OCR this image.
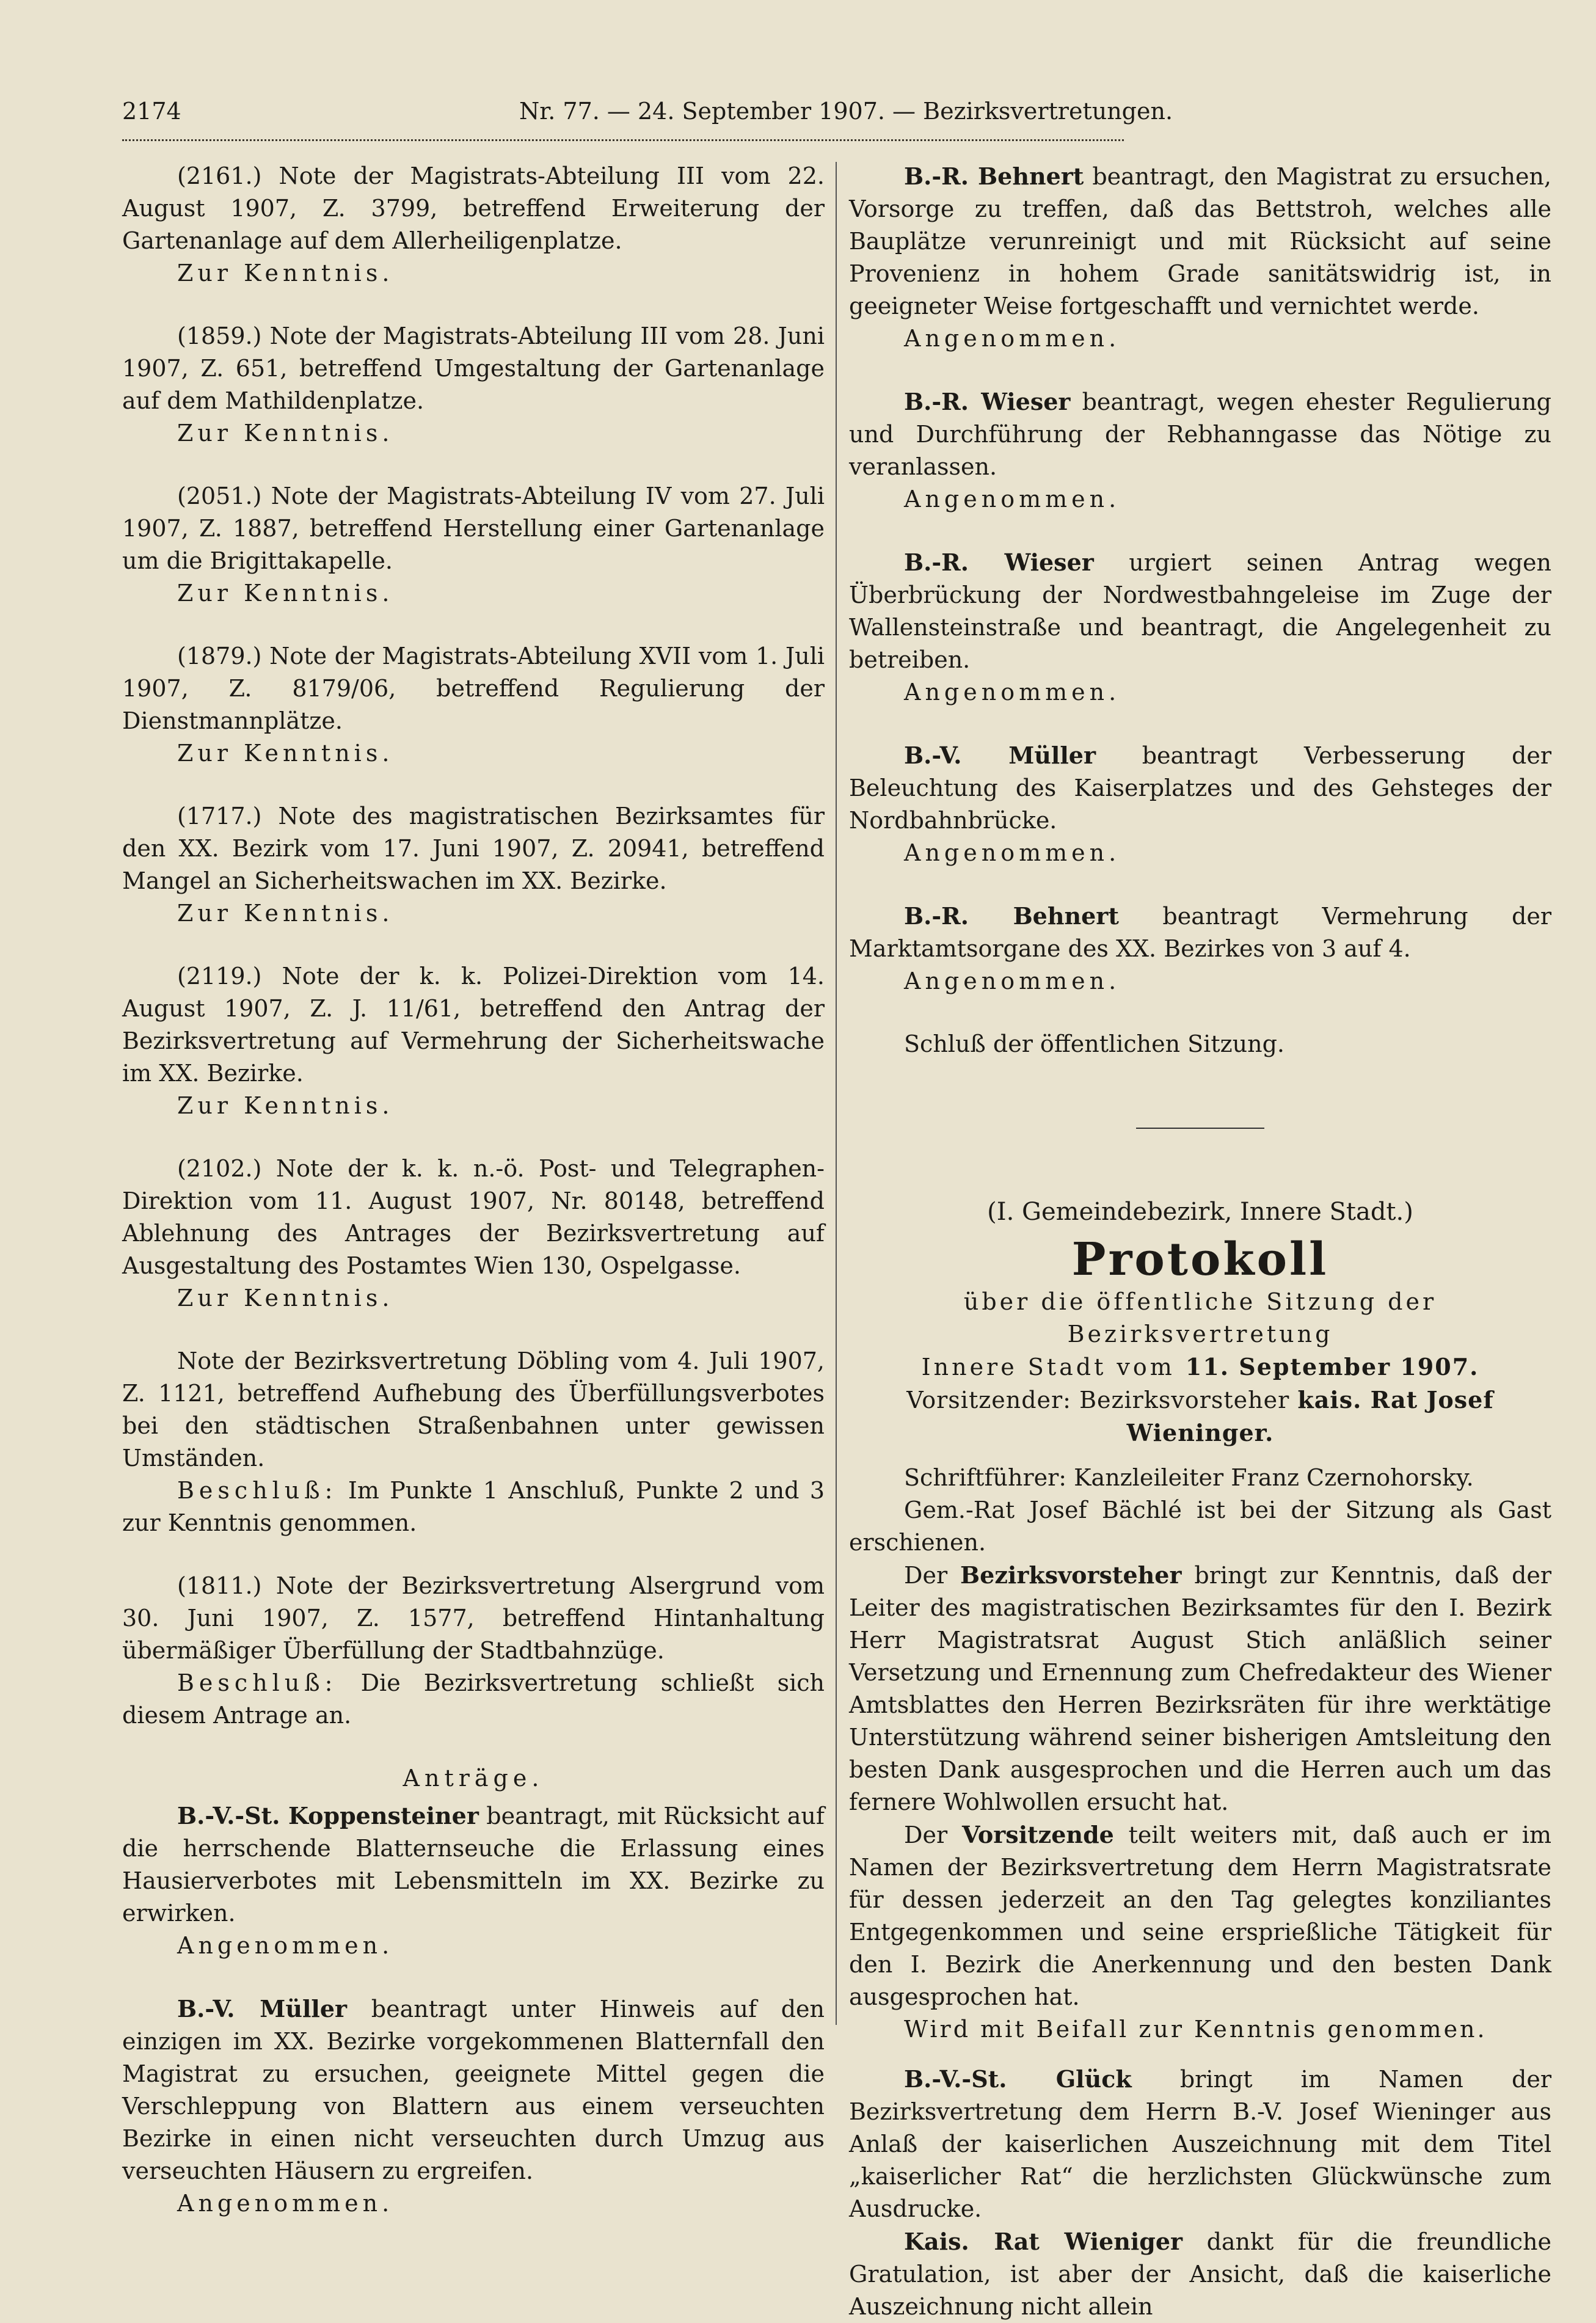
2174	Nr. 77. — 24. September 1907. — Bezirksvertretungen.

(2161.) Note der Magistrats-Abteilung III vom 22. August 1907, Z. 3799, betreffend Erweiterung der Gartenanlage auf dem Allerheiligenplatze.

Zur Kenntnis.

(1859.) Note der Magistrats-Abteilung III vom 28. Juni 1907, Z. 651, betreffend Umgestaltung der Gartenanlage auf dem Mathildenplatze.

Zur Kenntnis.

(2051.) Note der Magistrats-Abteilung IV vom 27. Juli 1907, Z. 1887, betreffend Herstellung einer Gartenanlage um die Brigittakapelle.

Zur Kenntnis.

(1879.) Note der Magistrats-Abteilung XVII vom 1. Juli 1907, Z. 8179/06, betreffend Regulierung der Dienstmannplätze.

Zur Kenntnis.

(1717.) Note des magistratischen Bezirksamtes für den XX. Bezirk vom 17. Juni 1907, Z. 20941, betreffend Mangel an Sicherheitswachen im XX. Bezirke.

Zur Kenntnis.

(2119.) Note der k. k. Polizei-Direktion vom 14. August 1907, Z. J. 11/61, betreffend den Antrag der Bezirksvertretung auf Vermehrung der Sicherheitswache im XX. Bezirke.

Zur Kenntnis.

(2102.) Note der k. k. n.-ö. Post- und Telegraphen-Direktion vom 11. August 1907, Nr. 80148, betreffend Ablehnung des Antrages der Bezirksvertretung auf Ausgestaltung des Postamtes Wien 130, Ospelgasse.

Zur Kenntnis.

Note der Bezirksvertretung Döbling vom 4. Juli 1907, Z. 1121, betreffend Aufhebung des Überfüllungsverbotes bei den städtischen Straßenbahnen unter gewissen Umständen.

Beschluß: Im Punkte 1 Anschluß, Punkte 2 und 3 zur Kenntnis genommen.

(1811.) Note der Bezirksvertretung Alsergrund vom 30. Juni 1907, Z. 1577, betreffend Hintanhaltung übermäßiger Überfüllung der Stadtbahnzüge.

Beschluß: Die Bezirksvertretung schließt sich diesem Antrage an.

Anträge.

B.-V.-St. Koppensteiner beantragt, mit Rücksicht auf die herrschende Blatternseuche die Erlassung eines Hausierverbotes mit Lebensmitteln im XX. Bezirke zu erwirken.

Angenommen.

B.-V. Müller beantragt unter Hinweis auf den einzigen im XX. Bezirke vorgekommenen Blatternfall den Magistrat zu ersuchen, geeignete Mittel gegen die Verschleppung von Blattern aus einem verseuchten Bezirke in einen nicht verseuchten durch Umzug aus verseuchten Häusern zu ergreifen.

Angenommen.

B.-R. Behnert beantragt, den Magistrat zu ersuchen, Vorsorge zu treffen, daß das Bettstroh, welches alle Bauplätze verunreinigt und mit Rücksicht auf seine Provenienz in hohem Grade sanitätswidrig ist, in geeigneter Weise fortgeschafft und vernichtet werde.

Angenommen.

B.-R. Wieser beantragt, wegen ehester Regulierung und Durchführung der Rebhanngasse das Nötige zu veranlassen.

Angenommen.

B.-R. Wieser urgiert seinen Antrag wegen Überbrückung der Nordwestbahngeleise im Zuge der Wallensteinstraße und beantragt, die Angelegenheit zu betreiben.

Angenommen.

B.-V. Müller beantragt Verbesserung der Beleuchtung des Kaiserplatzes und des Gehsteges der Nordbahnbrücke.

Angenommen.

B.-R. Behnert beantragt Vermehrung der Marktamtsorgane des XX. Bezirkes von 3 auf 4.

Angenommen.

Schluß der öffentlichen Sitzung.

(I. Gemeindebezirk, Innere Stadt.)

Protokoll

über die öffentliche Sitzung der Bezirksvertretung

Innere Stadt vom 11. September 1907.

Vorsitzender: Bezirksvorsteher kais. Rat Josef Wieninger.

Schriftführer: Kanzleileiter Franz Czernohorsky.

Gem.-Rat Josef Bächlé ist bei der Sitzung als Gast erschienen.

Der Bezirksvorsteher bringt zur Kenntnis, daß der Leiter des magistratischen Bezirksamtes für den I. Bezirk Herr Magistratsrat August Stich anläßlich seiner Versetzung und Ernennung zum Chefredakteur des Wiener Amtsblattes den Herren Bezirksräten für ihre werktätige Unterstützung während seiner bisherigen Amtsleitung den besten Dank ausgesprochen und die Herren auch um das fernere Wohlwollen ersucht hat.

Der Vorsitzende teilt weiters mit, daß auch er im Namen der Bezirksvertretung dem Herrn Magistratsrate für dessen jederzeit an den Tag gelegtes konziliantes Entgegenkommen und seine ersprießliche Tätigkeit für den I. Bezirk die Anerkennung und den besten Dank ausgesprochen hat.

Wird mit Beifall zur Kenntnis genommen.

B.-V.-St. Glück bringt im Namen der Bezirksvertretung dem Herrn B.-V. Josef Wieninger aus Anlaß der kaiserlichen Auszeichnung mit dem Titel „kaiserlicher Rat“ die herzlichsten Glückwünsche zum Ausdrucke.

Kais. Rat Wieniger dankt für die freundliche Gratulation, ist aber der Ansicht, daß die kaiserliche Auszeichnung nicht allein
